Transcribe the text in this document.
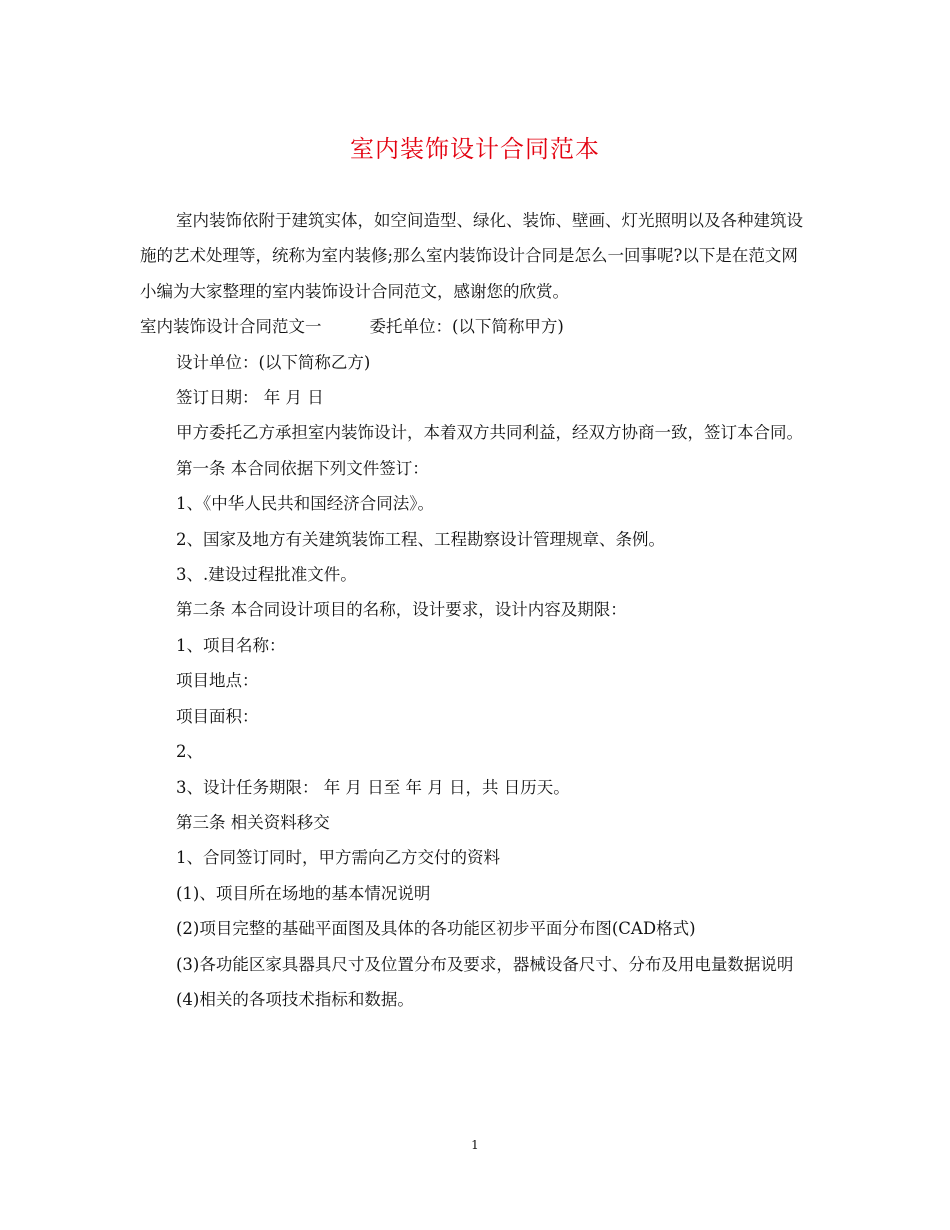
室内装饰设计合同范本

室内装饰依附于建筑实体，如空间造型、绿化、装饰、壁画、灯光照明以及各种建筑设施的艺术处理等，统称为室内装修;那么室内装饰设计合同是怎么一回事呢?以下是在范文网小编为大家整理的室内装饰设计合同范文，感谢您的欣赏。

室内装饰设计合同范文一	委托单位：(以下简称甲方)

设计单位：(以下简称乙方)

签订日期： 年 月 日

甲方委托乙方承担室内装饰设计，本着双方共同利益，经双方协商一致，签订本合同。

第一条 本合同依据下列文件签订：

1、《中华人民共和国经济合同法》。

2、国家及地方有关建筑装饰工程、工程勘察设计管理规章、条例。

3、.建设过程批准文件。

第二条 本合同设计项目的名称，设计要求，设计内容及期限：

1、项目名称：

项目地点：

项目面积：

2、

3、设计任务期限： 年 月 日至 年 月 日，共 日历天。

第三条 相关资料移交

1、合同签订同时，甲方需向乙方交付的资料

(1)、项目所在场地的基本情况说明

(2)项目完整的基础平面图及具体的各功能区初步平面分布图(CAD格式)

(3)各功能区家具器具尺寸及位置分布及要求，器械设备尺寸、分布及用电量数据说明

(4)相关的各项技术指标和数据。

1
